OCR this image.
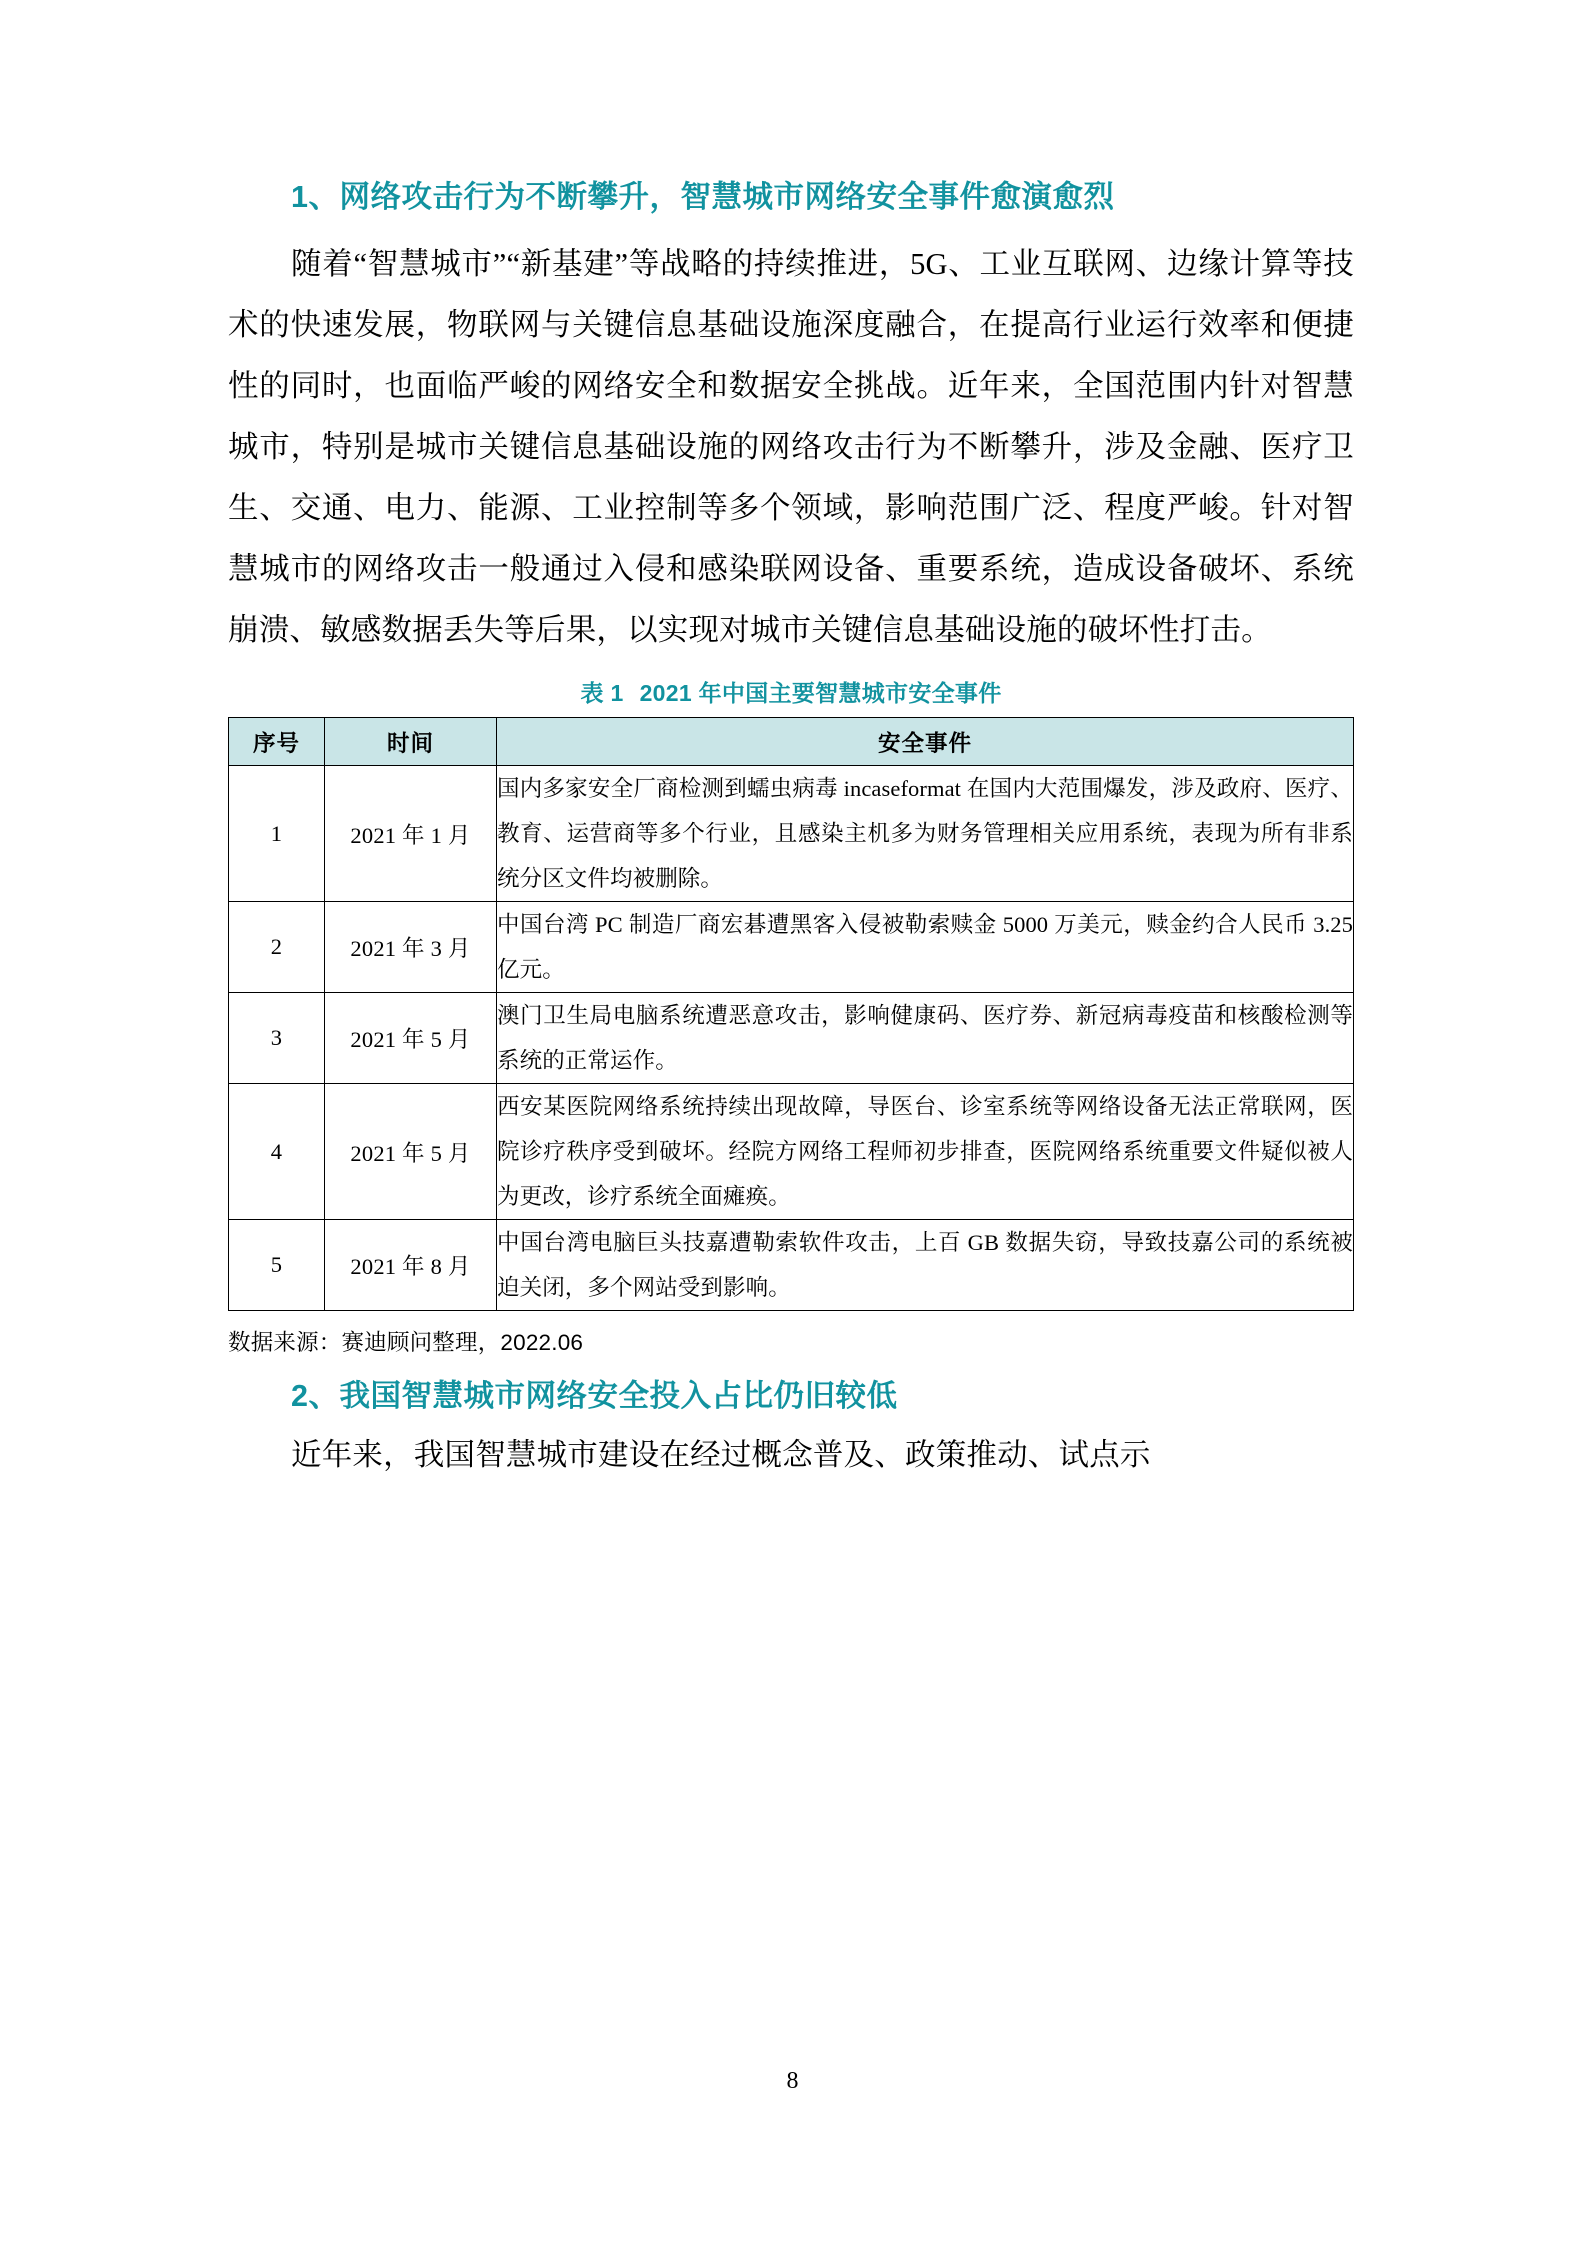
1、网络攻击行为不断攀升，智慧城市网络安全事件愈演愈烈

随着“智慧城市”“新基建”等战略的持续推进，5G、工业互联网、边缘计算等技术的快速发展，物联网与关键信息基础设施深度融合，在提高行业运行效率和便捷性的同时，也面临严峻的网络安全和数据安全挑战。近年来，全国范围内针对智慧城市，特别是城市关键信息基础设施的网络攻击行为不断攀升，涉及金融、医疗卫生、交通、电力、能源、工业控制等多个领域，影响范围广泛、程度严峻。针对智慧城市的网络攻击一般通过入侵和感染联网设备、重要系统，造成设备破坏、系统崩溃、敏感数据丢失等后果，以实现对城市关键信息基础设施的破坏性打击。

表 1 2021 年中国主要智慧城市安全事件
序号	时间	安全事件
1	2021 年 1 月	国内多家安全厂商检测到蠕虫病毒 incaseformat 在国内大范围爆发，涉及政府、医疗、教育、运营商等多个行业，且感染主机多为财务管理相关应用系统，表现为所有非系统分区文件均被删除。
2	2021 年 3 月	中国台湾 PC 制造厂商宏碁遭黑客入侵被勒索赎金 5000 万美元，赎金约合人民币 3.25 亿元。
3	2021 年 5 月	澳门卫生局电脑系统遭恶意攻击，影响健康码、医疗券、新冠病毒疫苗和核酸检测等系统的正常运作。
4	2021 年 5 月	西安某医院网络系统持续出现故障，导医台、诊室系统等网络设备无法正常联网，医院诊疗秩序受到破坏。经院方网络工程师初步排查，医院网络系统重要文件疑似被人为更改，诊疗系统全面瘫痪。
5	2021 年 8 月	中国台湾电脑巨头技嘉遭勒索软件攻击，上百 GB 数据失窃，导致技嘉公司的系统被迫关闭，多个网站受到影响。

数据来源：赛迪顾问整理，2022.06

2、我国智慧城市网络安全投入占比仍旧较低

近年来，我国智慧城市建设在经过概念普及、政策推动、试点示

8
